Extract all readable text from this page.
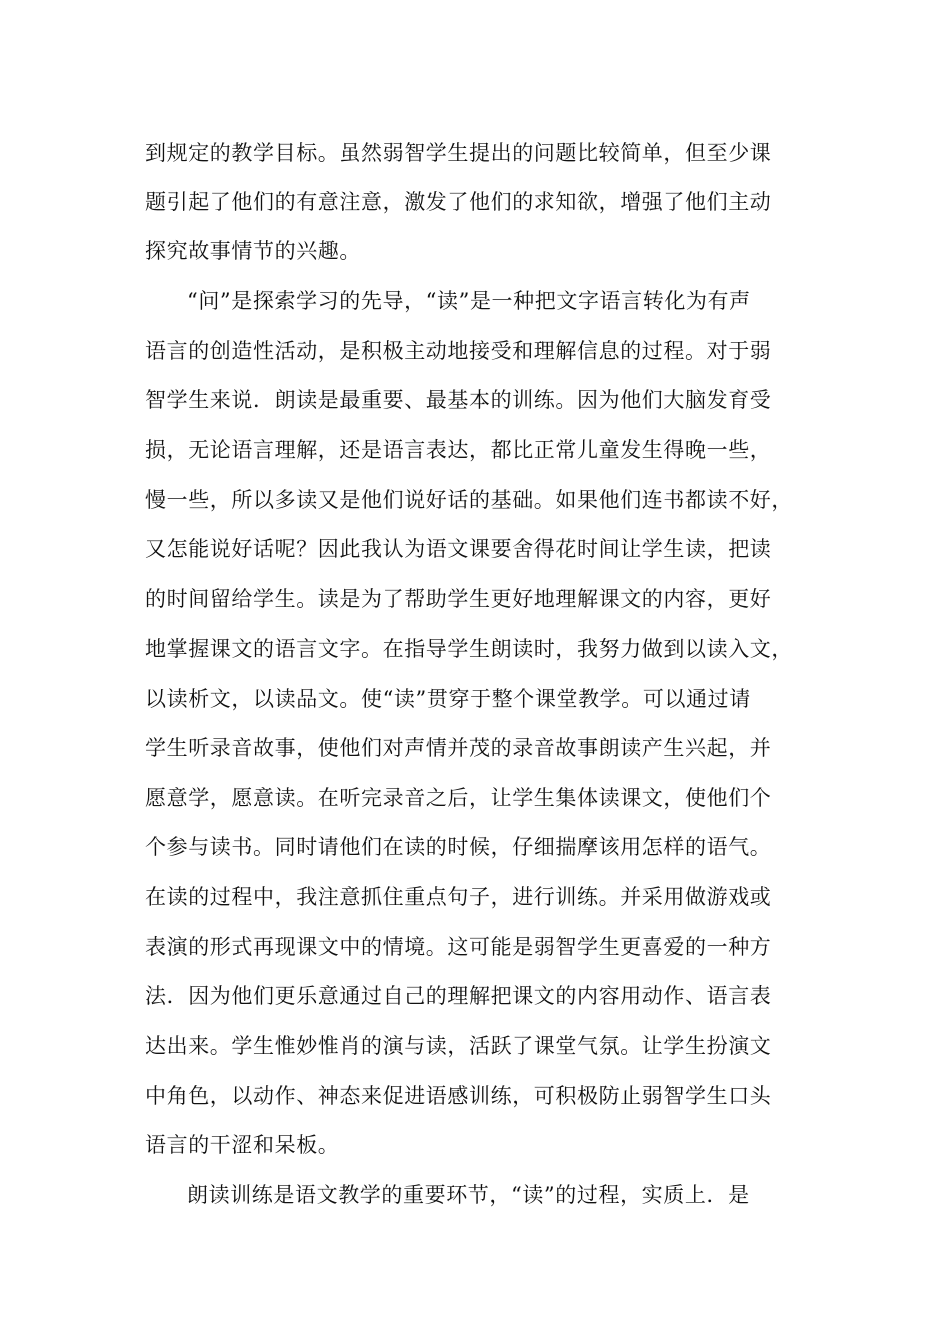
到规定的教学目标。虽然弱智学生提出的问题比较简单，但至少课
题引起了他们的有意注意，激发了他们的求知欲，增强了他们主动
探究故事情节的兴趣。
“问”是探索学习的先导，“读”是一种把文字语言转化为有声
语言的创造性活动，是积极主动地接受和理解信息的过程。对于弱
智学生来说．朗读是最重要、最基本的训练。因为他们大脑发育受
损，无论语言理解，还是语言表达，都比正常儿童发生得晚一些，
慢一些，所以多读又是他们说好话的基础。如果他们连书都读不好，
又怎能说好话呢？因此我认为语文课要舍得花时间让学生读，把读
的时间留给学生。读是为了帮助学生更好地理解课文的内容，更好
地掌握课文的语言文字。在指导学生朗读时，我努力做到以读入文，
以读析文，以读品文。使“读”贯穿于整个课堂教学。可以通过请
学生听录音故事，使他们对声情并茂的录音故事朗读产生兴起，并
愿意学，愿意读。在听完录音之后，让学生集体读课文，使他们个
个参与读书。同时请他们在读的时候，仔细揣摩该用怎样的语气。
在读的过程中，我注意抓住重点句子，进行训练。并采用做游戏或
表演的形式再现课文中的情境。这可能是弱智学生更喜爱的一种方
法．因为他们更乐意通过自己的理解把课文的内容用动作、语言表
达出来。学生惟妙惟肖的演与读，活跃了课堂气氛。让学生扮演文
中角色，以动作、神态来促进语感训练，可积极防止弱智学生口头
语言的干涩和呆板。
朗读训练是语文教学的重要环节，“读”的过程，实质上．是
